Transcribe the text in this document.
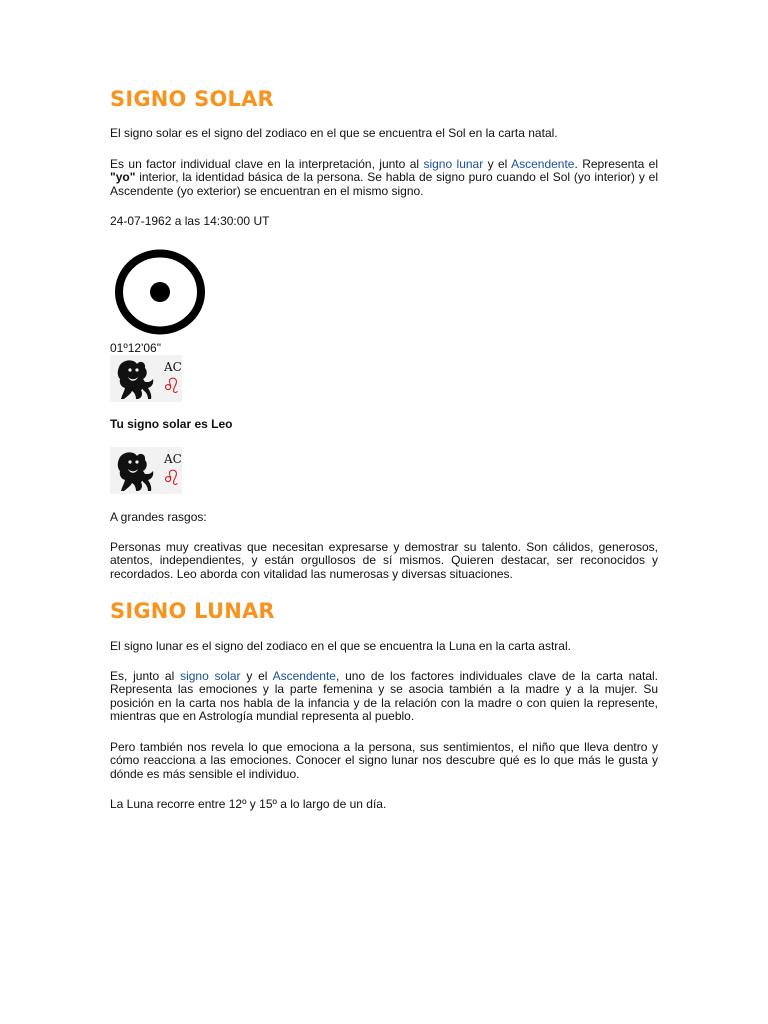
SIGNO SOLAR

El signo solar es el signo del zodiaco en el que se encuentra el Sol en la carta natal.

Es un factor individual clave en la interpretación, junto al signo lunar y el Ascendente. Representa el "yo" interior, la identidad básica de la persona. Se habla de signo puro cuando el Sol (yo interior) y el Ascendente (yo exterior) se encuentran en el mismo signo.

24-07-1962 a las 14:30:00 UT

01º12'06"

AC
♌

Tu signo solar es Leo

AC
♌

A grandes rasgos:

Personas muy creativas que necesitan expresarse y demostrar su talento. Son cálidos, generosos, atentos, independientes, y están orgullosos de sí mismos. Quieren destacar, ser reconocidos y recordados. Leo aborda con vitalidad las numerosas y diversas situaciones.

SIGNO LUNAR

El signo lunar es el signo del zodiaco en el que se encuentra la Luna en la carta astral.

Es, junto al signo solar y el Ascendente, uno de los factores individuales clave de la carta natal. Representa las emociones y la parte femenina y se asocia también a la madre y a la mujer. Su posición en la carta nos habla de la infancia y de la relación con la madre o con quien la represente, mientras que en Astrología mundial representa al pueblo.

Pero también nos revela lo que emociona a la persona, sus sentimientos, el niño que lleva dentro y cómo reacciona a las emociones. Conocer el signo lunar nos descubre qué es lo que más le gusta y dónde es más sensible el individuo.

La Luna recorre entre 12º y 15º a lo largo de un día.
